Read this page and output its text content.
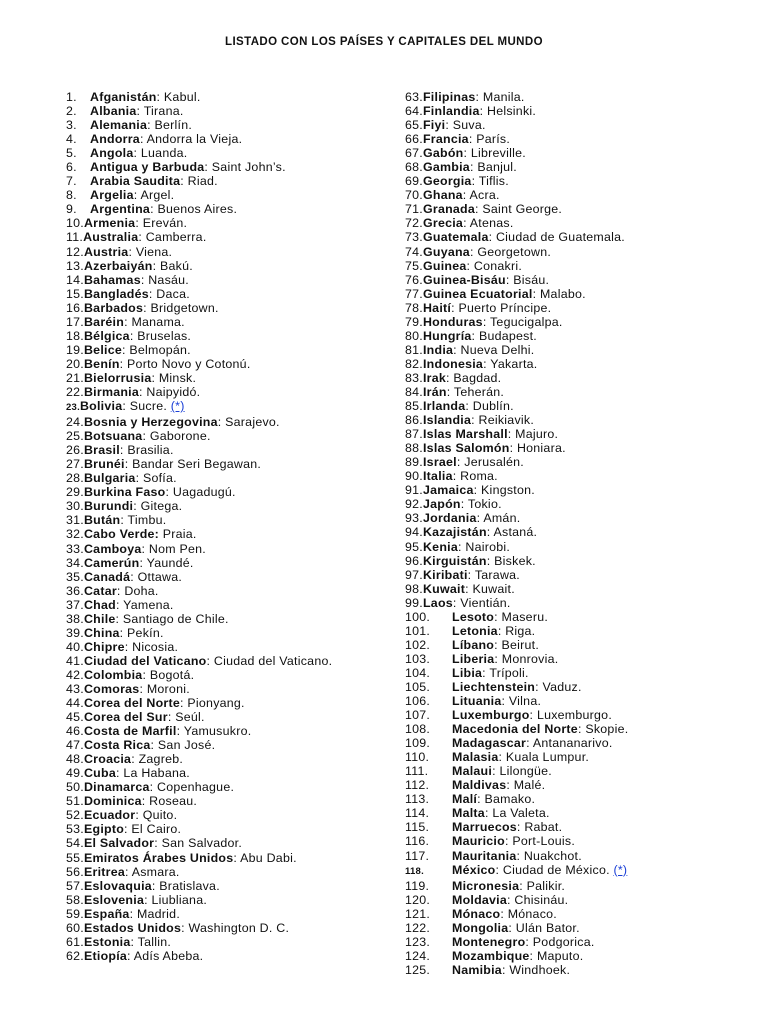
LISTADO CON LOS PAÍSES Y CAPITALES DEL MUNDO
1.	Afganistán: Kabul.
2.	Albania: Tirana.
3.	Alemania: Berlín.
4.	Andorra: Andorra la Vieja.
5.	Angola: Luanda.
6.	Antigua y Barbuda: Saint John’s.
7.	Arabia Saudita: Riad.
8.	Argelia: Argel.
9.	Argentina: Buenos Aires.
10. Armenia: Ereván.
11. Australia: Camberra.
12. Austria: Viena.
13. Azerbaiyán: Bakú.
14. Bahamas: Nasáu.
15. Bangladés: Daca.
16. Barbados: Bridgetown.
17. Baréin: Manama.
18. Bélgica: Bruselas.
19. Belice: Belmopán.
20. Benín: Porto Novo y Cotonú.
21. Bielorrusia: Minsk.
22. Birmania: Naipyidó.
23. Bolivia: Sucre. (*)
24. Bosnia y Herzegovina: Sarajevo.
25. Botsuana: Gaborone.
26. Brasil: Brasilia.
27. Brunéi: Bandar Seri Begawan.
28. Bulgaria: Sofía.
29. Burkina Faso: Uagadugú.
30. Burundi: Gitega.
31. Bután: Timbu.
32. Cabo Verde: Praia.
33. Camboya: Nom Pen.
34. Camerún: Yaundé.
35. Canadá: Ottawa.
36. Catar: Doha.
37. Chad: Yamena.
38. Chile: Santiago de Chile.
39. China: Pekín.
40. Chipre: Nicosia.
41. Ciudad del Vaticano: Ciudad del Vaticano.
42. Colombia: Bogotá.
43. Comoras: Moroni.
44. Corea del Norte: Pionyang.
45. Corea del Sur: Seúl.
46. Costa de Marfil: Yamusukro.
47. Costa Rica: San José.
48. Croacia: Zagreb.
49. Cuba: La Habana.
50. Dinamarca: Copenhague.
51. Dominica: Roseau.
52. Ecuador: Quito.
53. Egipto: El Cairo.
54. El Salvador: San Salvador.
55. Emiratos Árabes Unidos: Abu Dabi.
56. Eritrea: Asmara.
57. Eslovaquia: Bratislava.
58. Eslovenia: Liubliana.
59. España: Madrid.
60. Estados Unidos: Washington D. C.
61. Estonia: Tallin.
62. Etiopía: Adís Abeba.
63. Filipinas: Manila.
64. Finlandia: Helsinki.
65. Fiyi: Suva.
66. Francia: París.
67. Gabón: Libreville.
68. Gambia: Banjul.
69. Georgia: Tiflis.
70. Ghana: Acra.
71. Granada: Saint George.
72. Grecia: Atenas.
73. Guatemala: Ciudad de Guatemala.
74. Guyana: Georgetown.
75. Guinea: Conakri.
76. Guinea-Bisáu: Bisáu.
77. Guinea Ecuatorial: Malabo.
78. Haití: Puerto Príncipe.
79. Honduras: Tegucigalpa.
80. Hungría: Budapest.
81. India: Nueva Delhi.
82. Indonesia: Yakarta.
83. Irak: Bagdad.
84. Irán: Teherán.
85. Irlanda: Dublín.
86. Islandia: Reikiavik.
87. Islas Marshall: Majuro.
88. Islas Salomón: Honiara.
89. Israel: Jerusalén.
90. Italia: Roma.
91. Jamaica: Kingston.
92. Japón: Tokio.
93. Jordania: Amán.
94. Kazajistán: Astaná.
95. Kenia: Nairobi.
96. Kirguistán: Biskek.
97. Kiribati: Tarawa.
98. Kuwait: Kuwait.
99. Laos: Vientián.
100.	Lesoto: Maseru.
101.	Letonia: Riga.
102.	Líbano: Beirut.
103.	Liberia: Monrovia.
104.	Libia: Trípoli.
105.	Liechtenstein: Vaduz.
106.	Lituania: Vilna.
107.	Luxemburgo: Luxemburgo.
108.	Macedonia del Norte: Skopie.
109.	Madagascar: Antananarivo.
110.	Malasia: Kuala Lumpur.
111.	Malaui: Lilongüe.
112.	Maldivas: Malé.
113.	Malí: Bamako.
114.	Malta: La Valeta.
115.	Marruecos: Rabat.
116.	Mauricio: Port-Louis.
117.	Mauritania: Nuakchot.
118.	México: Ciudad de México. (*)
119.	Micronesia: Palikir.
120.	Moldavia: Chisináu.
121.	Mónaco: Mónaco.
122.	Mongolia: Ulán Bator.
123.	Montenegro: Podgorica.
124.	Mozambique: Maputo.
125.	Namibia: Windhoek.
